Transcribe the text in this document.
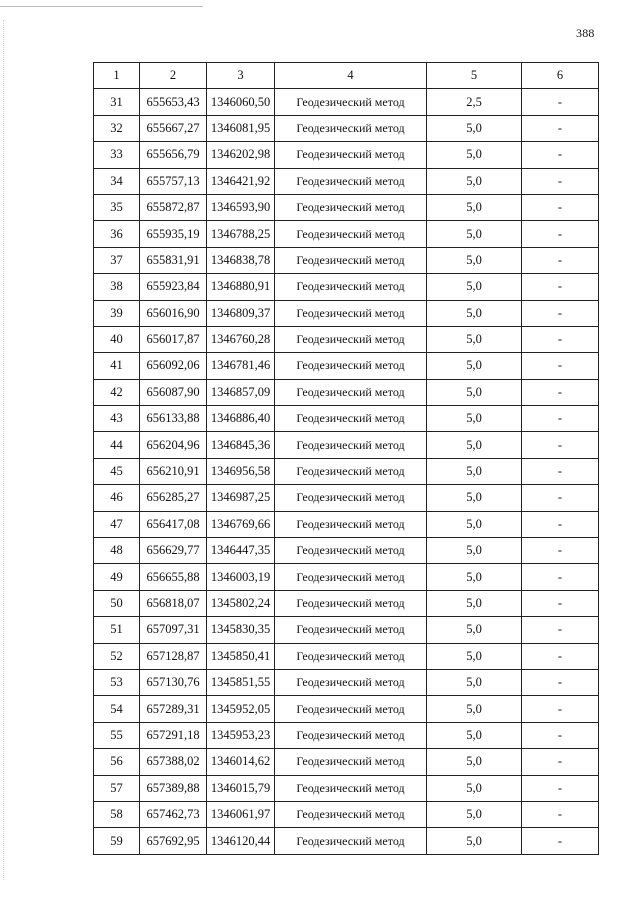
388
1	2	3	4	5	6
31	655653,43	1346060,50	Геодезический метод	2,5	-
32	655667,27	1346081,95	Геодезический метод	5,0	-
33	655656,79	1346202,98	Геодезический метод	5,0	-
34	655757,13	1346421,92	Геодезический метод	5,0	-
35	655872,87	1346593,90	Геодезический метод	5,0	-
36	655935,19	1346788,25	Геодезический метод	5,0	-
37	655831,91	1346838,78	Геодезический метод	5,0	-
38	655923,84	1346880,91	Геодезический метод	5,0	-
39	656016,90	1346809,37	Геодезический метод	5,0	-
40	656017,87	1346760,28	Геодезический метод	5,0	-
41	656092,06	1346781,46	Геодезический метод	5,0	-
42	656087,90	1346857,09	Геодезический метод	5,0	-
43	656133,88	1346886,40	Геодезический метод	5,0	-
44	656204,96	1346845,36	Геодезический метод	5,0	-
45	656210,91	1346956,58	Геодезический метод	5,0	-
46	656285,27	1346987,25	Геодезический метод	5,0	-
47	656417,08	1346769,66	Геодезический метод	5,0	-
48	656629,77	1346447,35	Геодезический метод	5,0	-
49	656655,88	1346003,19	Геодезический метод	5,0	-
50	656818,07	1345802,24	Геодезический метод	5,0	-
51	657097,31	1345830,35	Геодезический метод	5,0	-
52	657128,87	1345850,41	Геодезический метод	5,0	-
53	657130,76	1345851,55	Геодезический метод	5,0	-
54	657289,31	1345952,05	Геодезический метод	5,0	-
55	657291,18	1345953,23	Геодезический метод	5,0	-
56	657388,02	1346014,62	Геодезический метод	5,0	-
57	657389,88	1346015,79	Геодезический метод	5,0	-
58	657462,73	1346061,97	Геодезический метод	5,0	-
59	657692,95	1346120,44	Геодезический метод	5,0	-
